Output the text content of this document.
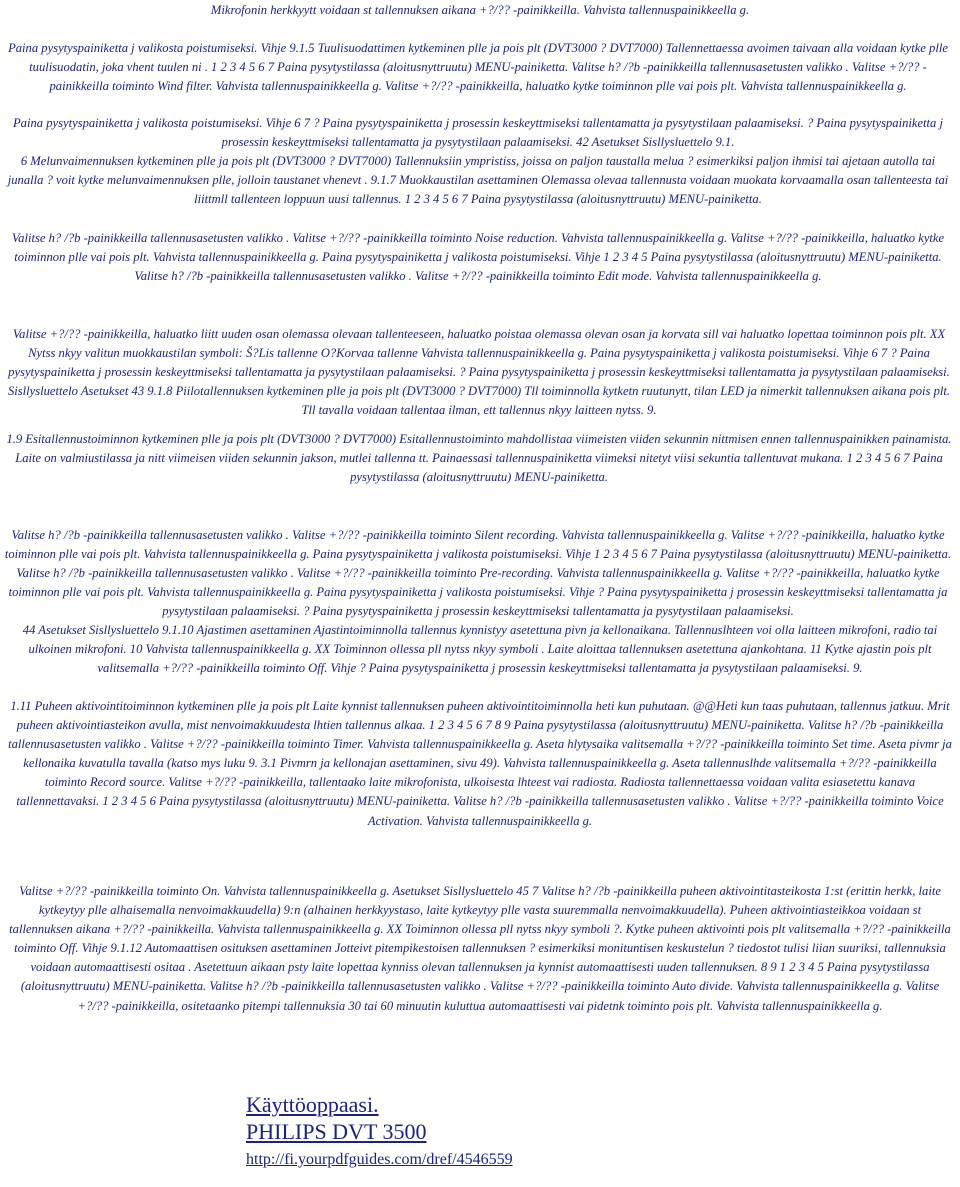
Mikrofonin herkkyytt voidaan st tallennuksen aikana +?/?? -painikkeilla. Vahvista tallennuspainikkeella g.

Paina pysytyspainiketta j valikosta poistumiseksi. Vihje 9.1.5 Tuulisuodattimen kytkeminen plle ja pois plt (DVT3000 ? DVT7000) Tallennettaessa avoimen taivaan alla voidaan kytke plle tuulisuodatin, joka vhent tuulen ni . 1 2 3 4 5 6 7 Paina pysytystilassa (aloitusnyttruutu) MENU-painiketta. Valitse h? /?b -painikkeilla tallennusasetusten valikko . Valitse +?/?? -painikkeilla toiminto Wind filter. Vahvista tallennuspainikkeella g. Valitse +?/?? -painikkeilla, haluatko kytke toiminnon plle vai pois plt. Vahvista tallennuspainikkeella g.

Paina pysytyspainiketta j valikosta poistumiseksi. Vihje 6 7 ? Paina pysytyspainiketta j prosessin keskeyttmiseksi tallentamatta ja pysytystilaan palaamiseksi. ? Paina pysytyspainiketta j prosessin keskeyttmiseksi tallentamatta ja pysytystilaan palaamiseksi. 42 Asetukset Sisllysluettelo 9.1.

6 Melunvaimennuksen kytkeminen plle ja pois plt (DVT3000 ? DVT7000) Tallennuksiin ympristiss, joissa on paljon taustalla melua ? esimerkiksi paljon ihmisi tai ajetaan autolla tai junalla ? voit kytke melunvaimennuksen plle, jolloin taustanet vhenevt . 9.1.7 Muokkaustilan asettaminen Olemassa olevaa tallennusta voidaan muokata korvaamalla osan tallenteesta tai liittmll tallenteen loppuun uusi tallennus. 1 2 3 4 5 6 7 Paina pysytystilassa (aloitusnyttruutu) MENU-painiketta.

Valitse h? /?b -painikkeilla tallennusasetusten valikko . Valitse +?/?? -painikkeilla toiminto Noise reduction. Vahvista tallennuspainikkeella g. Valitse +?/?? -painikkeilla, haluatko kytke toiminnon plle vai pois plt. Vahvista tallennuspainikkeella g. Paina pysytyspainiketta j valikosta poistumiseksi. Vihje 1 2 3 4 5 Paina pysytystilassa (aloitusnyttruutu) MENU-painiketta. Valitse h? /?b -painikkeilla tallennusasetusten valikko . Valitse +?/?? -painikkeilla toiminto Edit mode. Vahvista tallennuspainikkeella g.

Valitse +?/?? -painikkeilla, haluatko liitt uuden osan olemassa olevaan tallenteeseen, haluatko poistaa olemassa olevan osan ja korvata sill vai haluatko lopettaa toiminnon pois plt. XX Nytss nkyy valitun muokkaustilan symboli: Š?Lis tallenne O?Korvaa tallenne Vahvista tallennuspainikkeella g. Paina pysytyspainiketta j valikosta poistumiseksi. Vihje 6 7 ? Paina pysytyspainiketta j prosessin keskeyttmiseksi tallentamatta ja pysytystilaan palaamiseksi. ? Paina pysytyspainiketta j prosessin keskeyttmiseksi tallentamatta ja pysytystilaan palaamiseksi. Sisllysluettelo Asetukset 43 9.1.8 Piilotallennuksen kytkeminen plle ja pois plt (DVT3000 ? DVT7000) Tll toiminnolla kytketn ruutunytt, tilan LED ja nimerkit tallennuksen aikana pois plt. Tll tavalla voidaan tallentaa ilman, ett tallennus nkyy laitteen nytss. 9.

1.9 Esitallennustoiminnon kytkeminen plle ja pois plt (DVT3000 ? DVT7000) Esitallennustoiminto mahdollistaa viimeisten viiden sekunnin nittmisen ennen tallennuspainikken painamista. Laite on valmiustilassa ja nitt viimeisen viiden sekunnin jakson, mutlei tallenna tt. Painaessasi tallennuspainiketta viimeksi nitetyt viisi sekuntia tallentuvat mukana. 1 2 3 4 5 6 7 Paina pysytystilassa (aloitusnyttruutu) MENU-painiketta.

Valitse h? /?b -painikkeilla tallennusasetusten valikko . Valitse +?/?? -painikkeilla toiminto Silent recording. Vahvista tallennuspainikkeella g. Valitse +?/?? -painikkeilla, haluatko kytke toiminnon plle vai pois plt. Vahvista tallennuspainikkeella g. Paina pysytyspainiketta j valikosta poistumiseksi. Vihje 1 2 3 4 5 6 7 Paina pysytystilassa (aloitusnyttruutu) MENU-painiketta. Valitse h? /?b -painikkeilla tallennusasetusten valikko . Valitse +?/?? -painikkeilla toiminto Pre-recording. Vahvista tallennuspainikkeella g. Valitse +?/?? -painikkeilla, haluatko kytke toiminnon plle vai pois plt. Vahvista tallennuspainikkeella g. Paina pysytyspainiketta j valikosta poistumiseksi. Vihje ? Paina pysytyspainiketta j prosessin keskeyttmiseksi tallentamatta ja pysytystilaan palaamiseksi. ? Paina pysytyspainiketta j prosessin keskeyttmiseksi tallentamatta ja pysytystilaan palaamiseksi.

44 Asetukset Sisllysluettelo 9.1.10 Ajastimen asettaminen Ajastintoiminnolla tallennus kynnistyy asetettuna pivn ja kellonaikana. Tallennuslhteen voi olla laitteen mikrofoni, radio tai ulkoinen mikrofoni. 10 Vahvista tallennuspainikkeella g. XX Toiminnon ollessa pll nytss nkyy symboli . Laite aloittaa tallennuksen asetettuna ajankohtana. 11 Kytke ajastin pois plt valitsemalla +?/?? -painikkeilla toiminto Off. Vihje ? Paina pysytyspainiketta j prosessin keskeyttmiseksi tallentamatta ja pysytystilaan palaamiseksi. 9.

1.11 Puheen aktivointitoiminnon kytkeminen plle ja pois plt Laite kynnist tallennuksen puheen aktivointitoiminnolla heti kun puhutaan. @@Heti kun taas puhutaan, tallennus jatkuu. Mrit puheen aktivointiasteikon avulla, mist nenvoimakkuudesta lhtien tallennus alkaa. 1 2 3 4 5 6 7 8 9 Paina pysytystilassa (aloitusnyttruutu) MENU-painiketta. Valitse h? /?b -painikkeilla tallennusasetusten valikko . Valitse +?/?? -painikkeilla toiminto Timer. Vahvista tallennuspainikkeella g. Aseta hlytysaika valitsemalla +?/?? -painikkeilla toiminto Set time. Aseta pivmr ja kellonaika kuvatulla tavalla (katso mys luku 9. 3.1 Pivmrn ja kellonajan asettaminen, sivu 49). Vahvista tallennuspainikkeella g. Aseta tallennuslhde valitsemalla +?/?? -painikkeilla toiminto Record source. Valitse +?/?? -painikkeilla, tallentaako laite mikrofonista, ulkoisesta lhteest vai radiosta. Radiosta tallennettaessa voidaan valita esiasetettu kanava tallennettavaksi. 1 2 3 4 5 6 Paina pysytystilassa (aloitusnyttruutu) MENU-painiketta. Valitse h? /?b -painikkeilla tallennusasetusten valikko . Valitse +?/?? -painikkeilla toiminto Voice Activation. Vahvista tallennuspainikkeella g.

Valitse +?/?? -painikkeilla toiminto On. Vahvista tallennuspainikkeella g. Asetukset Sisllysluettelo 45 7 Valitse h? /?b -painikkeilla puheen aktivointitasteikosta 1:st (erittin herkk, laite kytkeytyy plle alhaisemalla nenvoimakkuudella) 9:n (alhainen herkkyystaso, laite kytkeytyy plle vasta suuremmalla nenvoimakkuudella). Puheen aktivointiasteikkoa voidaan st tallennuksen aikana +?/?? -painikkeilla. Vahvista tallennuspainikkeella g. XX Toiminnon ollessa pll nytss nkyy symboli ?. Kytke puheen aktivointi pois plt valitsemalla +?/?? -painikkeilla toiminto Off. Vihje 9.1.12 Automaattisen osituksen asettaminen Jotteivt pitempikestoisen tallennuksen ? esimerkiksi monituntisen keskustelun ? tiedostot tulisi liian suuriksi, tallennuksia voidaan automaattisesti ositaa . Asetettuun aikaan psty laite lopettaa kynniss olevan tallennuksen ja kynnist automaattisesti uuden tallennuksen. 8 9 1 2 3 4 5 Paina pysytystilassa (aloitusnyttruutu) MENU-painiketta. Valitse h? /?b -painikkeilla tallennusasetusten valikko . Valitse +?/?? -painikkeilla toiminto Auto divide. Vahvista tallennuspainikkeella g. Valitse +?/?? -painikkeilla, ositetaanko pitempi tallennuksia 30 tai 60 minuutin kuluttua automaattisesti vai pidetnk toiminto pois plt. Vahvista tallennuspainikkeella g.

Käyttöoppaasi.
PHILIPS DVT 3500
http://fi.yourpdfguides.com/dref/4546559
